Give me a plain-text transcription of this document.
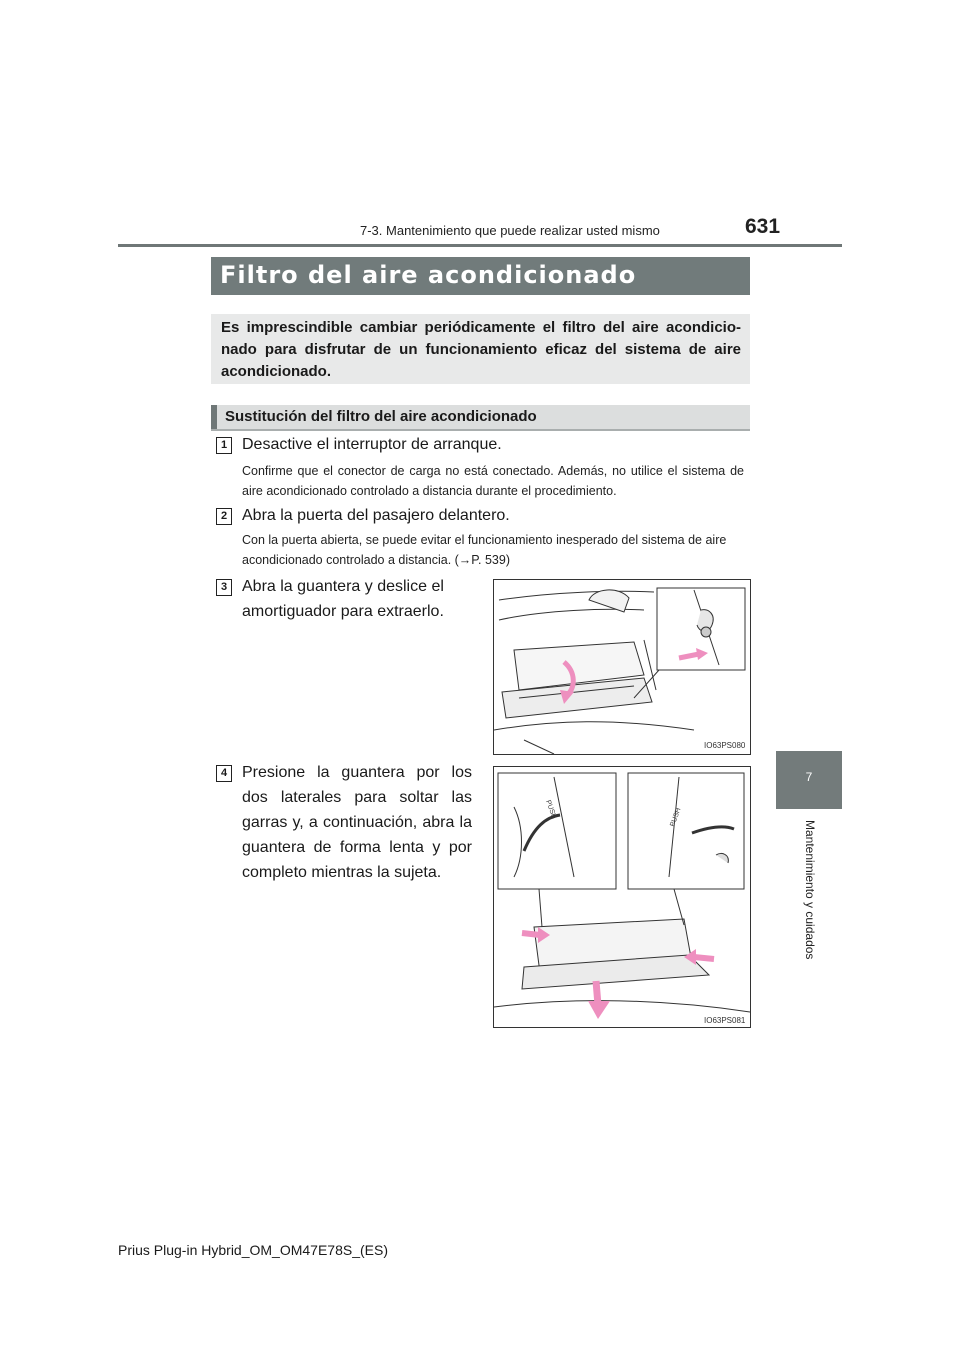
7-3. Mantenimiento que puede realizar usted mismo	631
7
Mantenimiento y cuidados
Filtro del aire acondicionado
Es imprescindible cambiar periódicamente el filtro del aire acondicionado para disfrutar de un funcionamiento eficaz del sistema de aire acondicionado.
Sustitución del filtro del aire acondicionado
1 Desactive el interruptor de arranque.
Confirme que el conector de carga no está conectado. Además, no utilice el sistema de aire acondicionado controlado a distancia durante el procedimiento.
2 Abra la puerta del pasajero delantero.
Con la puerta abierta, se puede evitar el funcionamiento inesperado del sistema de aire acondicionado controlado a distancia. (→P. 539)
3 Abra la guantera y deslice el amortiguador para extraerlo.
IO63PS080
4 Presione la guantera por los dos laterales para soltar las garras y, a continuación, abra la guantera de forma lenta y por completo mientras la sujeta.
PUSH	PUSH
IO63PS081
Prius Plug-in Hybrid_OM_OM47E78S_(ES)
